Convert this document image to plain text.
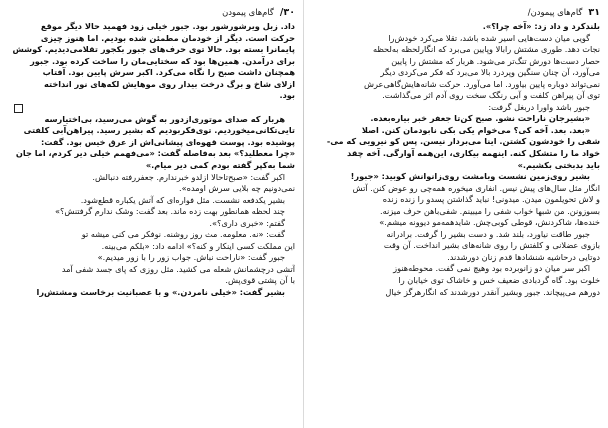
۳۰/
گام‌های پیمودن

داد. زبل ویرشورشور بود. جبور خیلی زود فهمید حالا دیگر موقع

حرکت است. دیگر از خودمان مطمئن شده بودیم. اما هنوز چیزی

پایمانرا بسته بود. حالا توی حرف‌های جبور بکجور تقلامی‌دیدیم. کوشش

برای درآمدن. همین‌ها بود که سختایی‌مان را ساخت کرده بود. جبور

همچنان داشت صبح را نگاه می‌کرد. اکبر سرش پایین بود. آفتاب

ازلای شاخ و برگ درخت بیدار روی موهایش لکه‌های نور انداخته

بود.

هربار که صدای موتوری‌ازدور به گوش می‌رسید، بی‌اختیارسه

تایی‌تکانی‌میخوردیم. توی‌فکربودیم که بشیر رسید. پیراهن‌آبی کلفتی

پوشیده بود. پوست قهوه‌ای پیشانی‌اش از عرق خیس بود. گفت:

«چرا معطلید؟» بعد به‌فاصله گفت: «می‌فهمم خیلی دیر کردم، اما جان

شما به‌کپر گفته بودم کمی دیر میام.»

اکبر گفت: «صبح‌تا‌حالا ازلدو خبرندارم. جعفررفته دنبالش.

نمی‌دونیم چه بلایی سرش اومده».

بشیر یکدفعه نشست. مثل فواره‌ای که آتش یکباره قطع‌شود.

چند لحظه همانطور بهت زده ماند. بعد گفت: وشک ندارم گرفتنش؟»

گفتم: «خبری داری؟».

گفت: «نه. معلومه. مث روز روشنه. نوفکر می کنی میشه تو

این مملکت کسی اینکار و کنه؟» ادامه داد: «بلکم می‌بینه.

جبور گفت: «ناراحت نباش. جواب زور را با زور میدیم.»

آتشی درچشمانش شعله می کشید. مثل روزی که پای جسد شفی آمد

با آن پشتی قوی‌پش.

بشیر گفت: «خیلی نامردن.» و با عصبانیت برخاست ومشتش‌را

۳۱
گام‌های پیمودن/

بلندکرد و داد زد: «آخه چرا؟».

گویی میان دست‌هایی اسیر شده باشد، تقلا می‌کرد خودش‌را

نجات دهد. طوری مشتش رابالا وپایین می‌برد که انگارلحظه به‌لحظه

حصار دست‌ها دورش تنگ‌تر می‌شود. هربار که مشتش را پایین

می‌آورد، آن چنان سنگین وپردرد بالا می‌برد که فکر می‌کردی دیگر

نمی‌تواند دوباره پایین بیاورد. اما می‌آورد. حرکت شانه‌هایش‌گاهی‌عرش

توی آن پیراهن کلفت و آبی رنگک سخت روی آدم اثر می‌گذاشت.

جبور باشد واورا دربغل گرفت:

«بشیرجان ناراحت نشو. صبح کن‌تا جعفر خبر بیاره‌بعده.

«بعد. بعد. آخه کی؟ می‌خوام یکی بکی نابودمان کنن. اصلا

شفی را خودشون کشتن. اینا می‌بردار نیسن. پس کو نیرویی که می-

خواد ما را متشکل کنه. اینهمه بیکاری، این‌همه آوارگی. آخه چقد

باید بدبختی بکشیم.»

بشیر روی‌زمین نشست وبامشت روی‌زانوانش کوبید: «جبور!

انگار مثل سال‌های پیش نیس. انفاری میخوره همه‌چی رو عوض کنن. آتش

و لاش تحویلمون میدن. میدونی! نباید گذاشتن پسدو را زنده زنده

بسوزونن. من شبها خواب شفی را میبینم. شفی‌باهن حرف میزنه.

خنده‌ها، شاکردنش، قوطی کوبی‌چش. شاید‌همه‌مو دیوونه میشم.»

جبور طاقت نیاورد، بلند شد. و دست بشیر را گرفت. برادرانه

بازوی عضلانی و کلفتش را روی شانه‌های بشیر انداخت. آن وقت

دوتایی درحاشیه شنشادها قدم زنان دورشدند.

اکبر سر میان دو زانوبرده بود وهیچ نمی گفت. محوطه‌هنوز

خلوت بود. گاه گردبادی ضعیف خس و خاشاک توی خیابان را

دورهم می‌پیچاند. جبور وبشیر آنقدر دورشدند که انگارهرگز خیال
